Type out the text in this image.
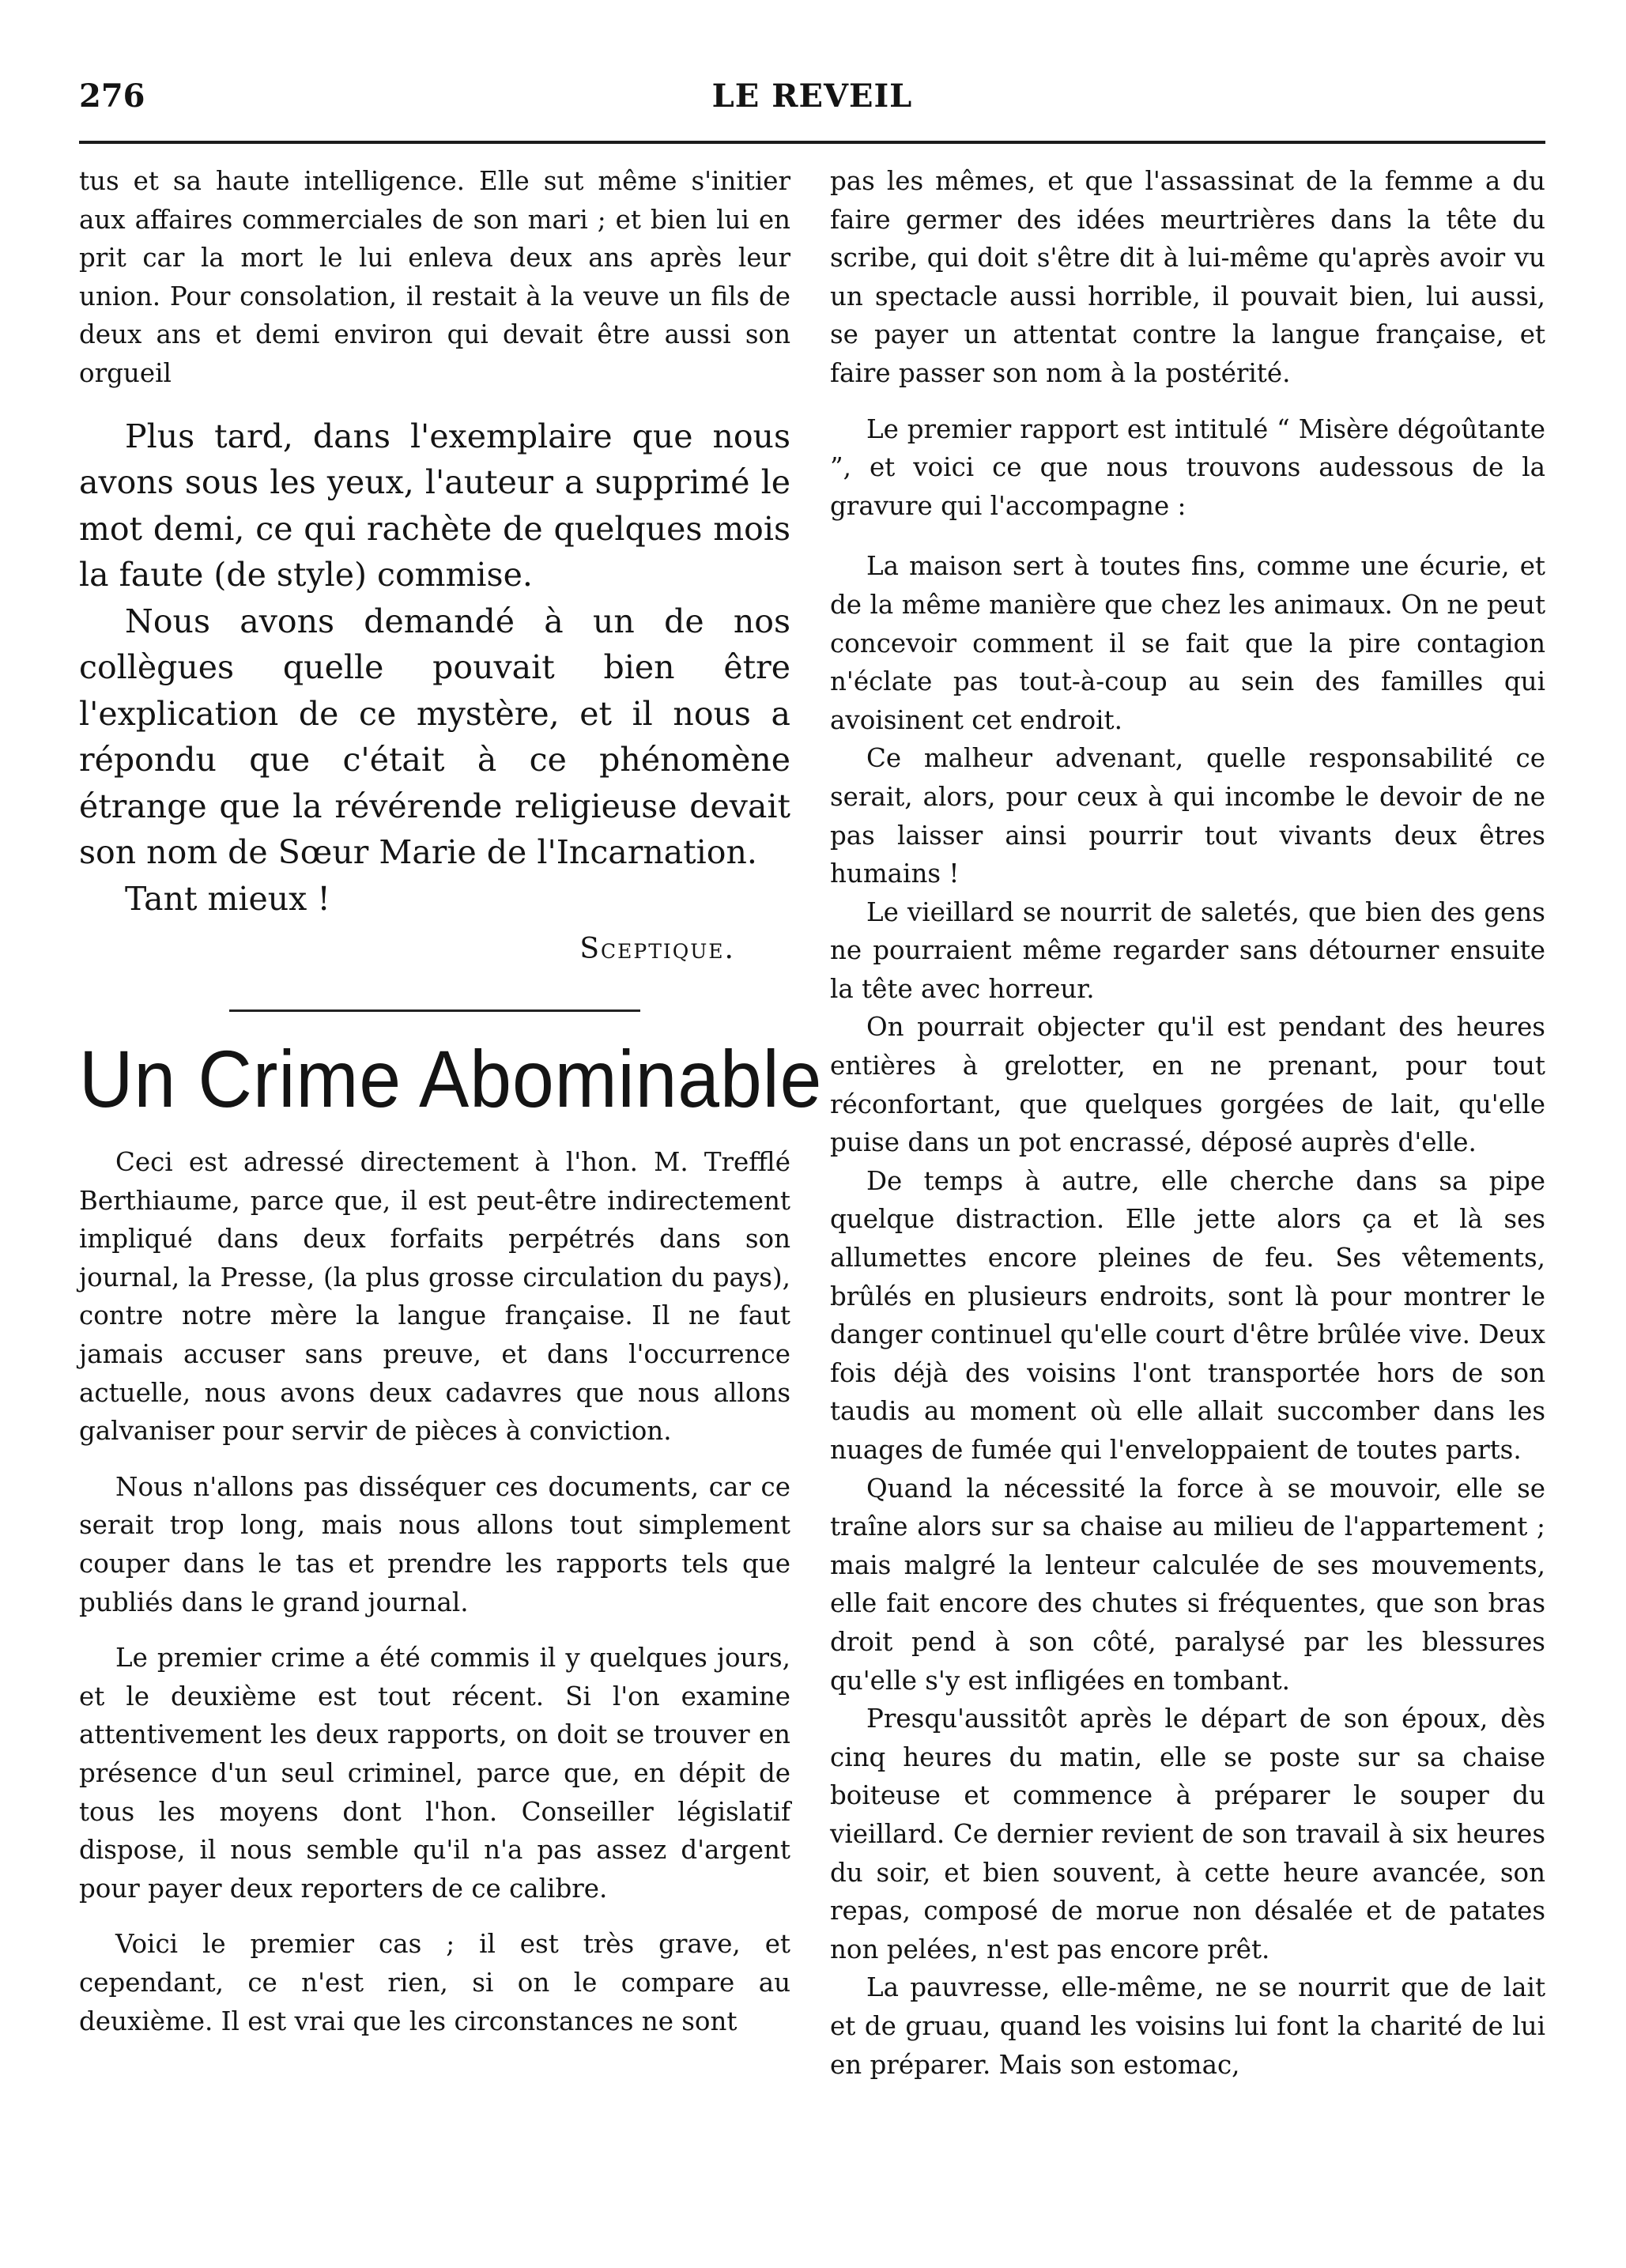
276	LE REVEIL

tus et sa haute intelligence. Elle sut même s'initier aux affaires commerciales de son mari ; et bien lui en prit car la mort le lui enleva deux ans après leur union. Pour consolation, il restait à la veuve un fils de deux ans et demi environ qui devait être aussi son orgueil

Plus tard, dans l'exemplaire que nous avons sous les yeux, l'auteur a supprimé le mot demi, ce qui rachète de quelques mois la faute (de style) commise.

Nous avons demandé à un de nos collègues quelle pouvait bien être l'explication de ce mystère, et il nous a répondu que c'était à ce phénomène étrange que la révérende religieuse devait son nom de Sœur Marie de l'Incarnation.

Tant mieux !

Sceptique.
Un Crime Abominable

Ceci est adressé directement à l'hon. M. Trefflé Berthiaume, parce que, il est peut-être indirectement impliqué dans deux forfaits perpétrés dans son journal, la Presse, (la plus grosse circulation du pays), contre notre mère la langue française. Il ne faut jamais accuser sans preuve, et dans l'occurrence actuelle, nous avons deux cadavres que nous allons galvaniser pour servir de pièces à conviction.

Nous n'allons pas disséquer ces documents, car ce serait trop long, mais nous allons tout simplement couper dans le tas et prendre les rapports tels que publiés dans le grand journal.

Le premier crime a été commis il y quelques jours, et le deuxième est tout récent. Si l'on examine attentivement les deux rapports, on doit se trouver en présence d'un seul criminel, parce que, en dépit de tous les moyens dont l'hon. Conseiller législatif dispose, il nous semble qu'il n'a pas assez d'argent pour payer deux reporters de ce calibre.

Voici le premier cas ; il est très grave, et cependant, ce n'est rien, si on le compare au deuxième. Il est vrai que les circonstances ne sont

pas les mêmes, et que l'assassinat de la femme a du faire germer des idées meurtrières dans la tête du scribe, qui doit s'être dit à lui-même qu'après avoir vu un spectacle aussi horrible, il pouvait bien, lui aussi, se payer un attentat contre la langue française, et faire passer son nom à la postérité.

Le premier rapport est intitulé “ Misère dégoûtante ”, et voici ce que nous trouvons audessous de la gravure qui l'accompagne :

La maison sert à toutes fins, comme une écurie, et de la même manière que chez les animaux. On ne peut concevoir comment il se fait que la pire contagion n'éclate pas tout-à-coup au sein des familles qui avoisinent cet endroit.

Ce malheur advenant, quelle responsabilité ce serait, alors, pour ceux à qui incombe le devoir de ne pas laisser ainsi pourrir tout vivants deux êtres humains !

Le vieillard se nourrit de saletés, que bien des gens ne pourraient même regarder sans détourner ensuite la tête avec horreur.

On pourrait objecter qu'il est pendant des heures entières à grelotter, en ne prenant, pour tout réconfortant, que quelques gorgées de lait, qu'elle puise dans un pot encrassé, déposé auprès d'elle.

De temps à autre, elle cherche dans sa pipe quelque distraction. Elle jette alors ça et là ses allumettes encore pleines de feu. Ses vêtements, brûlés en plusieurs endroits, sont là pour montrer le danger continuel qu'elle court d'être brûlée vive. Deux fois déjà des voisins l'ont transportée hors de son taudis au moment où elle allait succomber dans les nuages de fumée qui l'enveloppaient de toutes parts.

Quand la nécessité la force à se mouvoir, elle se traîne alors sur sa chaise au milieu de l'appartement ; mais malgré la lenteur calculée de ses mouvements, elle fait encore des chutes si fréquentes, que son bras droit pend à son côté, paralysé par les blessures qu'elle s'y est infligées en tombant.

Presqu'aussitôt après le départ de son époux, dès cinq heures du matin, elle se poste sur sa chaise boiteuse et commence à préparer le souper du vieillard. Ce dernier revient de son travail à six heures du soir, et bien souvent, à cette heure avancée, son repas, composé de morue non désalée et de patates non pelées, n'est pas encore prêt.

La pauvresse, elle-même, ne se nourrit que de lait et de gruau, quand les voisins lui font la charité de lui en préparer. Mais son estomac,
